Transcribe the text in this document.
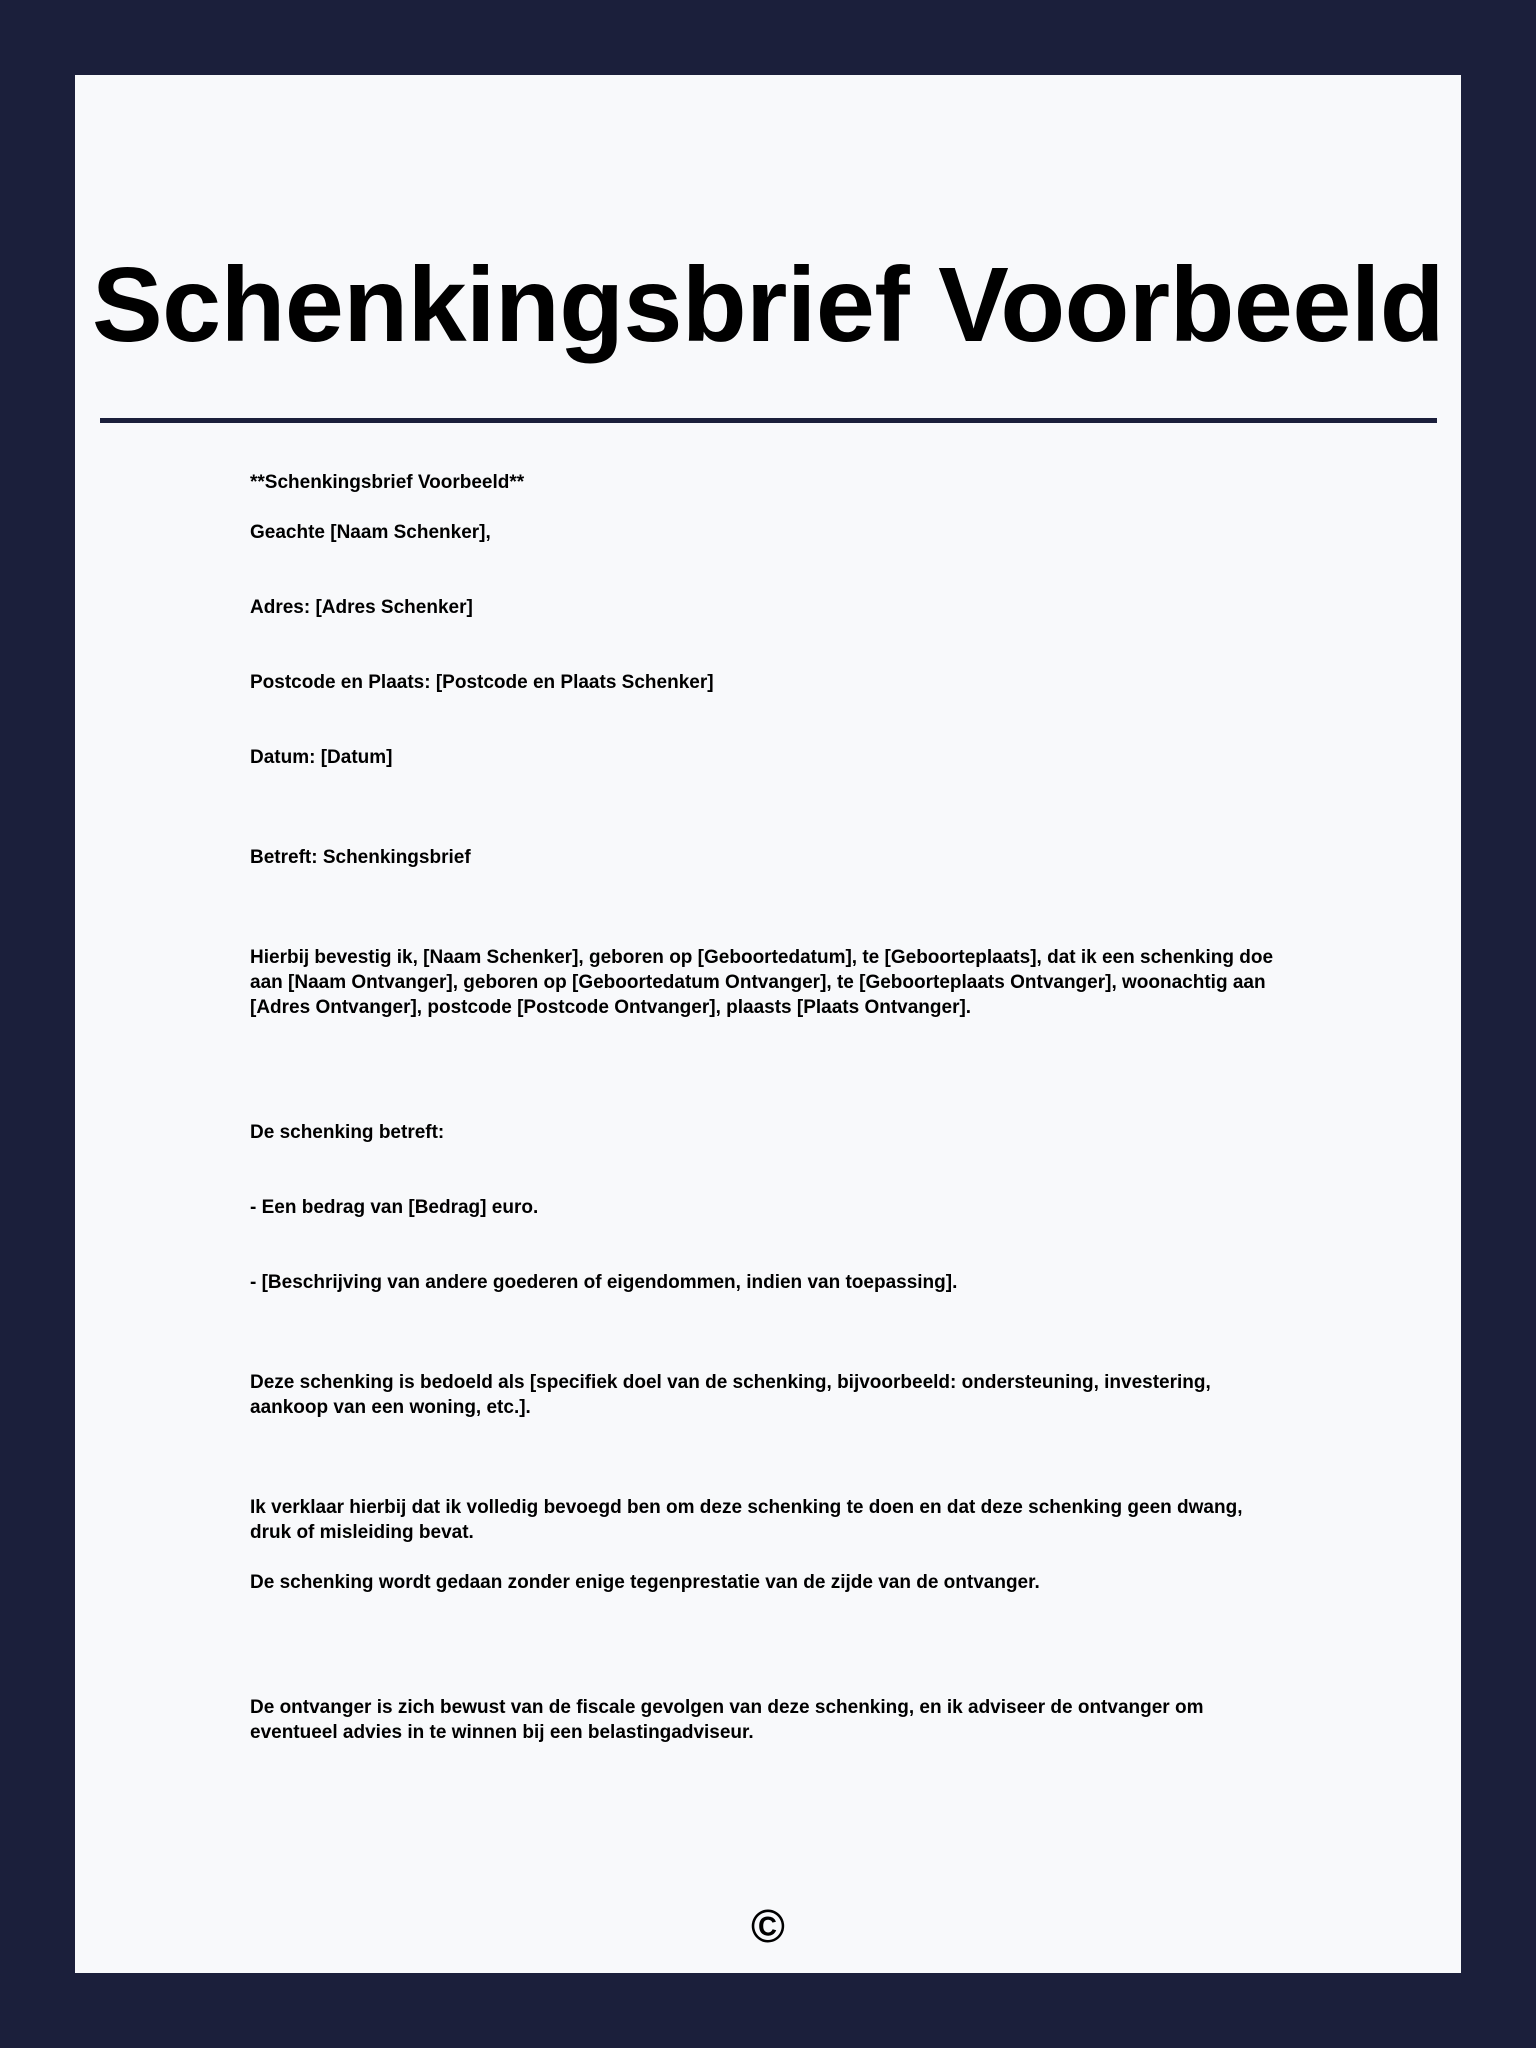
Schenkingsbrief Voorbeeld

**Schenkingsbrief Voorbeeld**

Geachte [Naam Schenker],

Adres: [Adres Schenker]

Postcode en Plaats: [Postcode en Plaats Schenker]

Datum: [Datum]

Betreft: Schenkingsbrief

Hierbij bevestig ik, [Naam Schenker], geboren op [Geboortedatum], te [Geboorteplaats], dat ik een schenking doe aan [Naam Ontvanger], geboren op [Geboortedatum Ontvanger], te [Geboorteplaats Ontvanger], woonachtig aan [Adres Ontvanger], postcode [Postcode Ontvanger], plaasts [Plaats Ontvanger].

De schenking betreft:

- Een bedrag van [Bedrag] euro.

- [Beschrijving van andere goederen of eigendommen, indien van toepassing].

Deze schenking is bedoeld als [specifiek doel van de schenking, bijvoorbeeld: ondersteuning, investering, aankoop van een woning, etc.].

Ik verklaar hierbij dat ik volledig bevoegd ben om deze schenking te doen en dat deze schenking geen dwang, druk of misleiding bevat.

De schenking wordt gedaan zonder enige tegenprestatie van de zijde van de ontvanger.

De ontvanger is zich bewust van de fiscale gevolgen van deze schenking, en ik adviseer de ontvanger om eventueel advies in te winnen bij een belastingadviseur.

©
